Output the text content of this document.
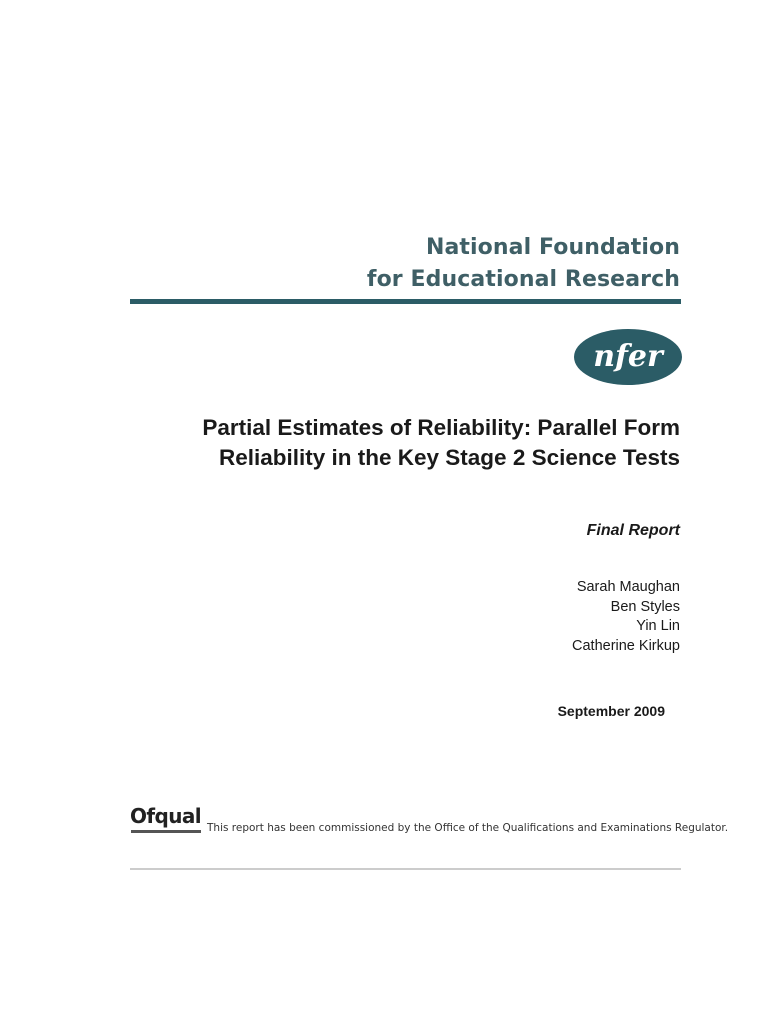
National Foundation
for Educational Research
nfer
Partial Estimates of Reliability: Parallel Form
Reliability in the Key Stage 2 Science Tests
Final Report
Sarah Maughan
Ben Styles
Yin Lin
Catherine Kirkup
September 2009
Ofqual This report has been commissioned by the Office of the Qualifications and Examinations Regulator.
